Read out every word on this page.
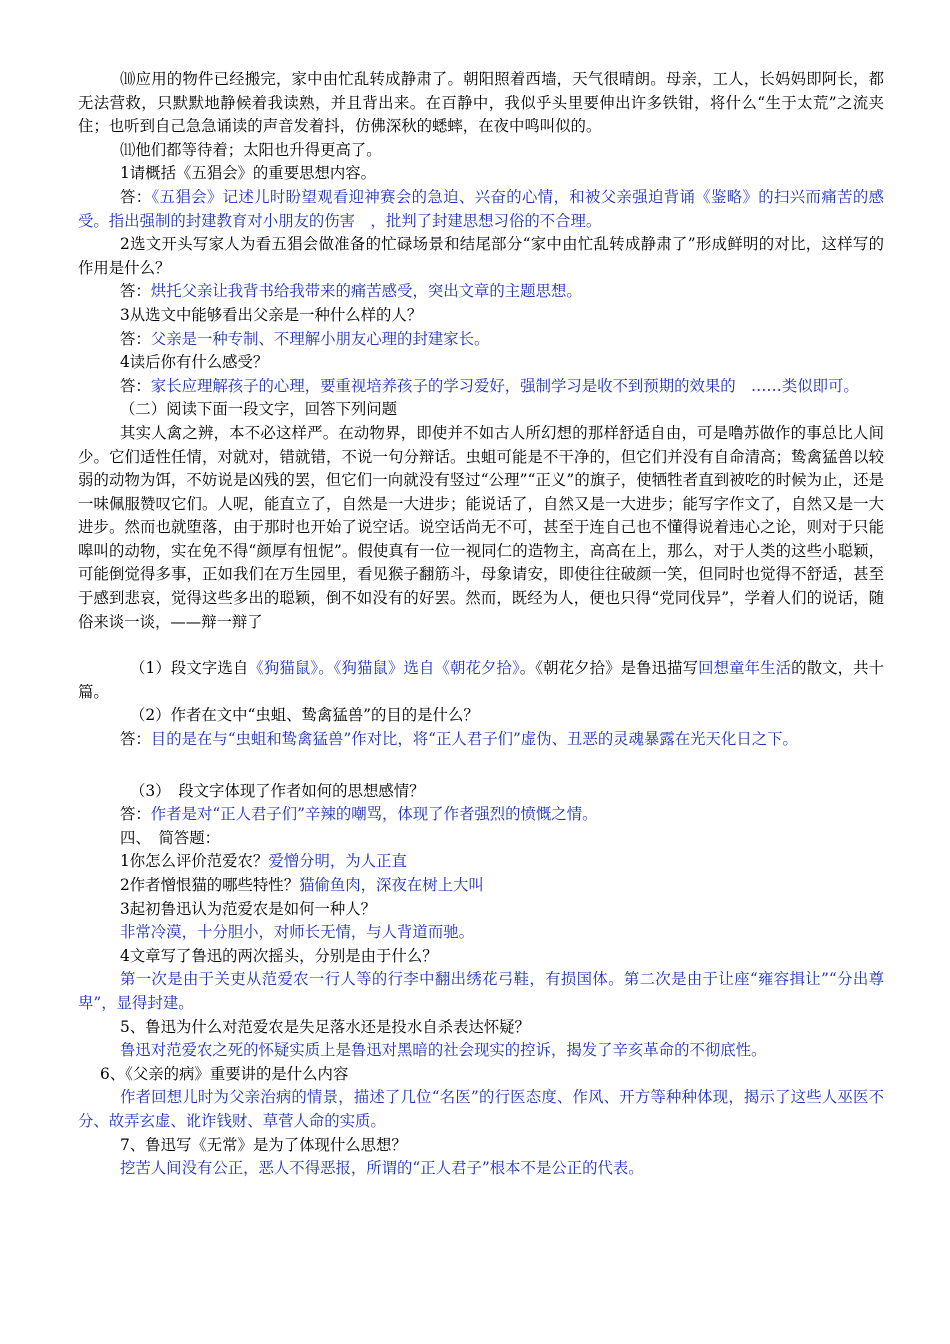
⑽应用的物件已经搬完，家中由忙乱转成静肃了。朝阳照着西墙，天气很晴朗。母亲，工人，长妈妈即阿长，都无法营救，只默默地静候着我读熟，并且背出来。在百静中，我似乎头里要伸出许多铁钳，将什么“生于太荒”之流夹住；也听到自己急急诵读的声音发着抖，仿佛深秋的蟋蟀，在夜中鸣叫似的。

⑾他们都等待着；太阳也升得更高了。

1请概括《五猖会》的重要思想内容。

答：《五猖会》记述儿时盼望观看迎神赛会的急迫、兴奋的心情，和被父亲强迫背诵《鉴略》的扫兴而痛苦的感受。指出强制的封建教育对小朋友的伤害　，批判了封建思想习俗的不合理。

2选文开头写家人为看五猖会做准备的忙碌场景和结尾部分“家中由忙乱转成静肃了”形成鲜明的对比，这样写的作用是什么？

答：烘托父亲让我背书给我带来的痛苦感受，突出文章的主题思想。

3从选文中能够看出父亲是一种什么样的人？

答：父亲是一种专制、不理解小朋友心理的封建家长。

4读后你有什么感受？

答：家长应理解孩子的心理，要重视培养孩子的学习爱好，强制学习是收不到预期的效果的　……类似即可。

（二）阅读下面一段文字，回答下列问题

其实人禽之辨，本不必这样严。在动物界，即使并不如古人所幻想的那样舒适自由，可是噜苏做作的事总比人间少。它们适性任情，对就对，错就错，不说一句分辩话。虫蛆可能是不干净的，但它们并没有自命清高；鸷禽猛兽以较弱的动物为饵，不妨说是凶残的罢，但它们一向就没有竖过“公理”“正义”的旗子，使牺牲者直到被吃的时候为止，还是一味佩服赞叹它们。人呢，能直立了，自然是一大进步；能说话了，自然又是一大进步；能写字作文了，自然又是一大进步。然而也就堕落，由于那时也开始了说空话。说空话尚无不可，甚至于连自己也不懂得说着违心之论，则对于只能嗥叫的动物，实在免不得“颜厚有忸怩”。假使真有一位一视同仁的造物主，高高在上，那么，对于人类的这些小聪颖，可能倒觉得多事，正如我们在万生园里，看见猴子翻筋斗，母象请安，即使往往破颜一笑，但同时也觉得不舒适，甚至于感到悲哀，觉得这些多出的聪颖，倒不如没有的好罢。然而，既经为人，便也只得“党同伐异”，学着人们的说话，随俗来谈一谈，——辩一辩了

（1）段文字选自《狗猫鼠》。《狗猫鼠》选自《朝花夕拾》。《朝花夕拾》是鲁迅描写回想童年生活的散文，共十篇。

（2）作者在文中“虫蛆、鸷禽猛兽”的目的是什么？

答：目的是在与“虫蛆和鸷禽猛兽”作对比，将“正人君子们”虚伪、丑恶的灵魂暴露在光天化日之下。

（3）　段文字体现了作者如何的思想感情？

答：作者是对“正人君子们”辛辣的嘲骂，体现了作者强烈的愤慨之情。

四、　简答题：

1你怎么评价范爱农？爱憎分明，为人正直

2作者憎恨猫的哪些特性？猫偷鱼肉，深夜在树上大叫

3起初鲁迅认为范爱农是如何一种人？

非常冷漠，十分胆小，对师长无情，与人背道而驰。

4文章写了鲁迅的两次摇头，分别是由于什么？

第一次是由于关吏从范爱农一行人等的行李中翻出绣花弓鞋，有损国体。第二次是由于让座“雍容揖让”“分出尊卑”，显得封建。

5、鲁迅为什么对范爱农是失足落水还是投水自杀表达怀疑？

鲁迅对范爱农之死的怀疑实质上是鲁迅对黑暗的社会现实的控诉，揭发了辛亥革命的不彻底性。

6、《父亲的病》重要讲的是什么内容

作者回想儿时为父亲治病的情景，描述了几位“名医”的行医态度、作风、开方等种种体现，揭示了这些人巫医不分、故弄玄虚、讹诈钱财、草菅人命的实质。

7、鲁迅写《无常》是为了体现什么思想？

挖苦人间没有公正，恶人不得恶报，所谓的“正人君子”根本不是公正的代表。
